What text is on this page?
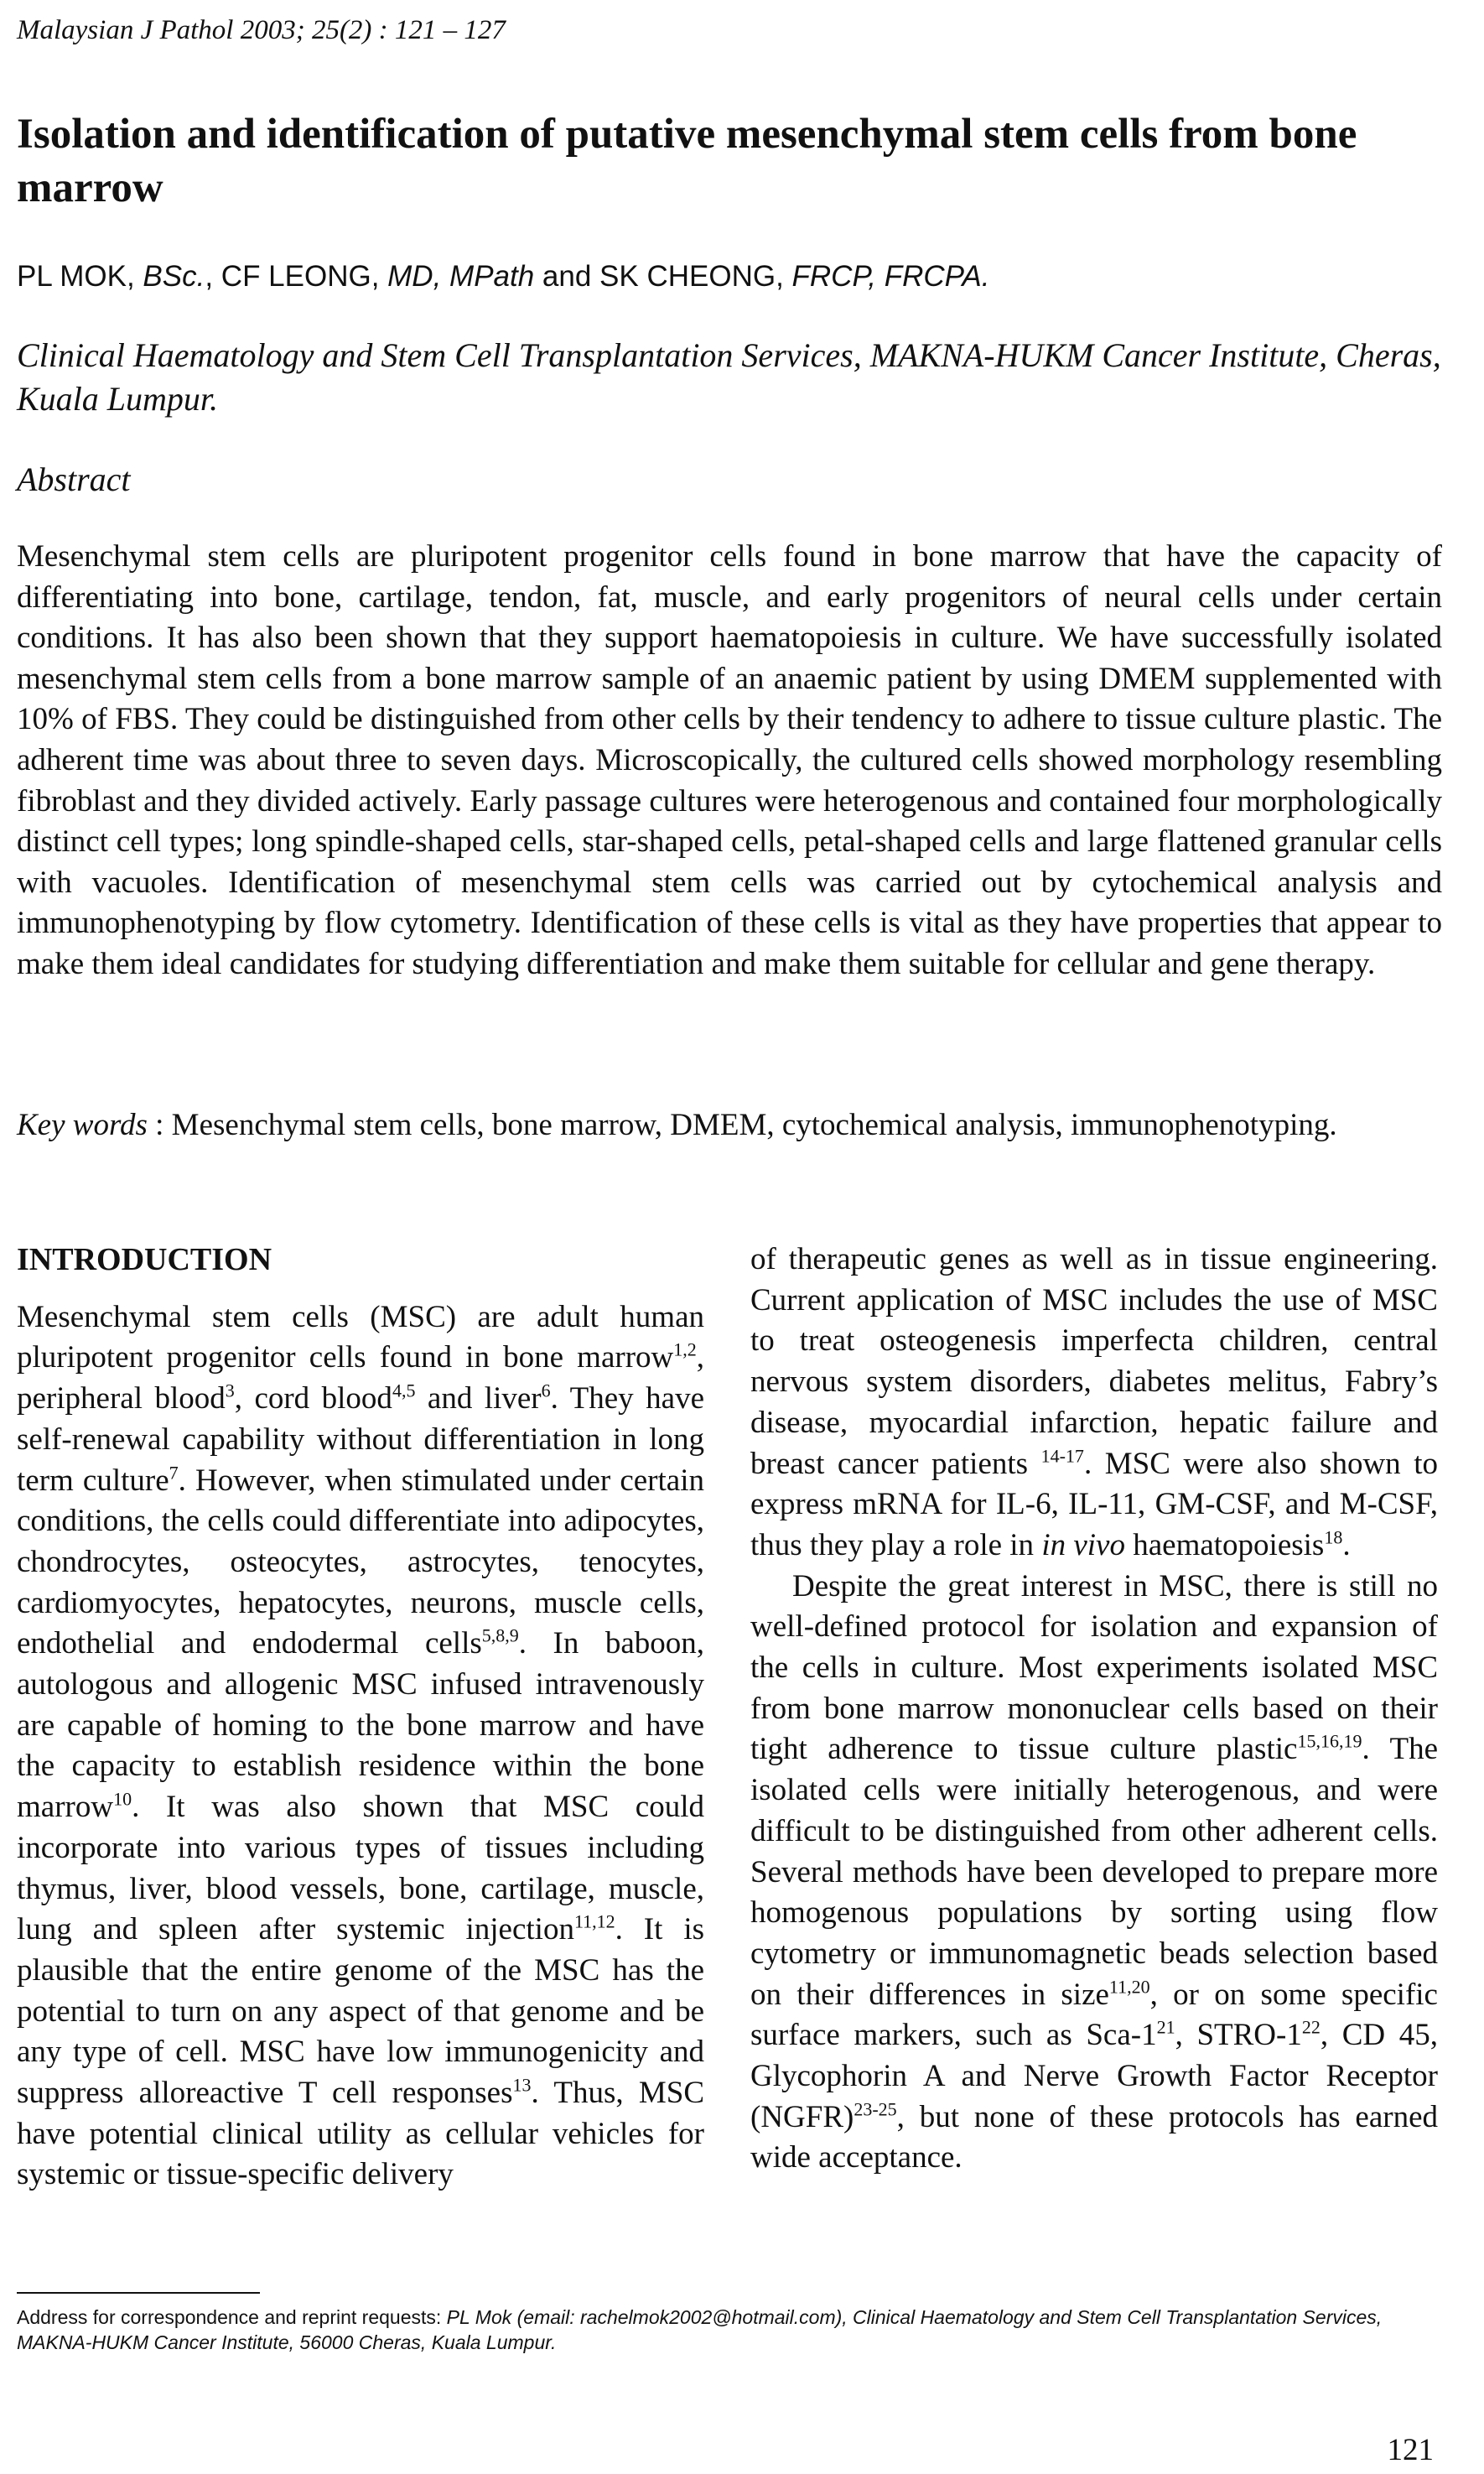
Malaysian J Pathol 2003; 25(2) : 121 – 127
Isolation and identification of putative mesenchymal stem cells from bone marrow
PL MOK, BSc., CF LEONG, MD, MPath and SK CHEONG, FRCP, FRCPA.
Clinical Haematology and Stem Cell Transplantation Services, MAKNA-HUKM Cancer Institute, Cheras, Kuala Lumpur.
Abstract
Mesenchymal stem cells are pluripotent progenitor cells found in bone marrow that have the capacity of differentiating into bone, cartilage, tendon, fat, muscle, and early progenitors of neural cells under certain conditions. It has also been shown that they support haematopoiesis in culture. We have successfully isolated mesenchymal stem cells from a bone marrow sample of an anaemic patient by using DMEM supplemented with 10% of FBS. They could be distinguished from other cells by their tendency to adhere to tissue culture plastic. The adherent time was about three to seven days. Microscopically, the cultured cells showed morphology resembling fibroblast and they divided actively. Early passage cultures were heterogenous and contained four morphologically distinct cell types; long spindle-shaped cells, star-shaped cells, petal-shaped cells and large flattened granular cells with vacuoles. Identification of mesenchymal stem cells was carried out by cytochemical analysis and immunophenotyping by flow cytometry. Identification of these cells is vital as they have properties that appear to make them ideal candidates for studying differentiation and make them suitable for cellular and gene therapy.
Key words : Mesenchymal stem cells, bone marrow, DMEM, cytochemical analysis, immunophenotyping.
INTRODUCTION

Mesenchymal stem cells (MSC) are adult human pluripotent progenitor cells found in bone marrow$^{1,2}$, peripheral blood$^3$, cord blood$^{4,5}$ and liver$^6$. They have self-renewal capability without differentiation in long term culture$^7$. However, when stimulated under certain conditions, the cells could differentiate into adipocytes, chondrocytes, osteocytes, astrocytes, tenocytes, cardiomyocytes, hepatocytes, neurons, muscle cells, endothelial and endodermal cells$^{5,8,9}$. In baboon, autologous and allogenic MSC infused intravenously are capable of homing to the bone marrow and have the capacity to establish residence within the bone marrow$^{10}$. It was also shown that MSC could incorporate into various types of tissues including thymus, liver, blood vessels, bone, cartilage, muscle, lung and spleen after systemic injection$^{11,12}$. It is plausible that the entire genome of the MSC has the potential to turn on any aspect of that genome and be any type of cell. MSC have low immunogenicity and suppress alloreactive T cell responses$^{13}$. Thus, MSC have potential clinical utility as cellular vehicles for systemic or tissue-specific delivery

of therapeutic genes as well as in tissue engineering. Current application of MSC includes the use of MSC to treat osteogenesis imperfecta children, central nervous system disorders, diabetes melitus, Fabry’s disease, myocardial infarction, hepatic failure and breast cancer patients $^{14-17}$. MSC were also shown to express mRNA for IL-6, IL-11, GM-CSF, and M-CSF, thus they play a role in in vivo haematopoiesis$^{18}$.

Despite the great interest in MSC, there is still no well-defined protocol for isolation and expansion of the cells in culture. Most experiments isolated MSC from bone marrow mononuclear cells based on their tight adherence to tissue culture plastic$^{15,16,19}$. The isolated cells were initially heterogenous, and were difficult to be distinguished from other adherent cells. Several methods have been developed to prepare more homogenous populations by sorting using flow cytometry or immunomagnetic beads selection based on their differences in size$^{11,20}$, or on some specific surface markers, such as Sca-$1^{21}$, STRO-$1^{22}$, CD 45, Glycophorin A and Nerve Growth Factor Receptor (NGFR)$^{23-25}$, but none of these protocols has earned wide acceptance.

Address for correspondence and reprint requests: PL Mok (email: rachelmok2002@hotmail.com), Clinical Haematology and Stem Cell Transplantation Services, MAKNA-HUKM Cancer Institute, 56000 Cheras, Kuala Lumpur.
121
